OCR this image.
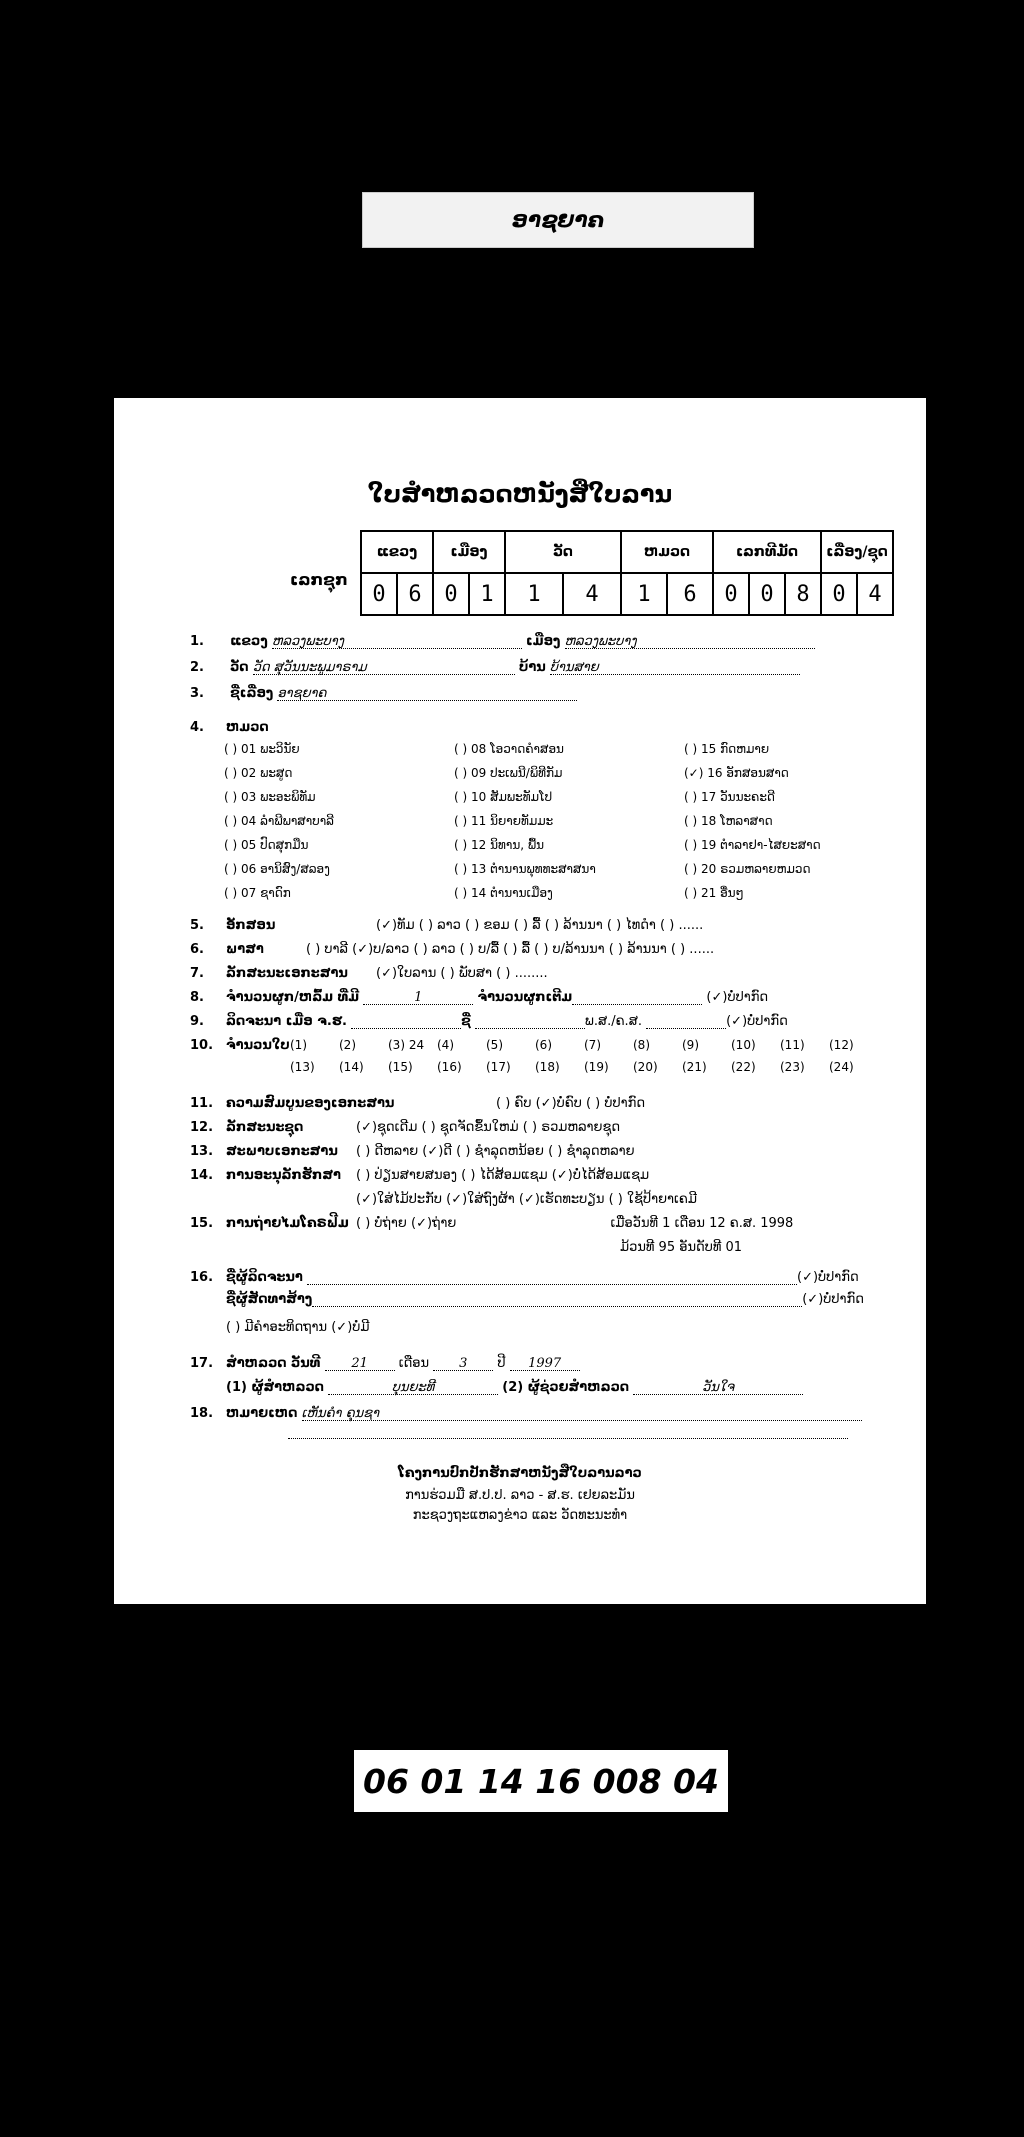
ອາຊຍາຄ
ໃບສຳຫລວດຫນັງສືໃບລານ
ເລກຊຸກ
ແຂວງ		ເມືອງ		ວັດ		ຫມວດ		ເລກທີມັດ			ເລື່ອງ/ຊຸດ	
0	6	0	1	1	4	1	6	0	0	8	0	4
1. ແຂວງ ຫລວງພະບາງ	ເມືອງ ຫລວງພະບາງ
2. ວັດ ວັດ ສຸວັນນະພູມາຣາມ	ບ້ານ ບ້ານສາຍ
3. ຊື່ເລື່ອງ ອາຊຍາຄ
4. ຫມວດ
( ) 01 ພະວິນັຍ
( ) 02 ພະສູດ
( ) 03 ພະອະພິທັມ
( ) 04 ລຳພີພາສາບາລີ
( ) 05 ປົດສຸກມືນ
( ) 06 ອານິສົງ/ສລອງ
( ) 07 ຊາດົກ
( ) 08 ໂອວາດຄຳສອນ
( ) 09 ປະເພນີ/ພິທີກັມ
( ) 10 ສັມພະທັມໂປ
( ) 11 ນິຍາຍທັມມະ
( ) 12 ນິທານ, ພື້ນ
( ) 13 ຕຳນານພຸທທະສາສນາ
( ) 14 ຕຳນານເມືອງ
( ) 15 ກົດຫມາຍ
(✓) 16 ອັກສອນສາດ
( ) 17 ວັນນະຄະດີ
( ) 18 ໂຫລາສາດ
( ) 19 ຕຳລາຢາ-ໄສຍະສາດ
( ) 20 ຣວມຫລາຍຫມວດ
( ) 21 ອື່ນໆ
5. ອັກສອນ	(✓)ທັມ ( ) ລາວ ( ) ຂອມ ( ) ລື້ ( ) ລ້ານນາ ( ) ໄທດຳ ( ) ......
6. ພາສາ	( ) ບາລີ (✓)ບ/ລາວ ( ) ລາວ ( ) ບ/ລື້ ( ) ລື້ ( ) ບ/ລ້ານນາ ( ) ລ້ານນາ ( ) ......
7. ລັກສະນະເອກະສານ (✓)ໃບລານ ( ) ພັບສາ ( ) ........
8. ຈຳນວນຜູກ/ຫລົ້ມ ທີ່ມີ	1	ຈຳນວນຜູກເຕີມ	(✓)ບໍ່ປາກົດ
9. ລິດຈະນາ ເມື່ອ ຈ.ຮ.	ຊື່	ພ.ສ./ຄ.ສ.	(✓)ບໍ່ປາກົດ
10. ຈຳນວນໃບ (1)	(2)	(3) 24 (4)	(5)	(6)	(7)	(8)	(9)	(10) (11) (12)
(13) (14) (15) (16) (17) (18) (19) (20) (21) (22) (23) (24)
11. ຄວາມສົມບູນຂອງເອກະສານ	( ) ຄົບ (✓)ບໍ່ຄົບ ( ) ບໍ່ປາກົດ
12. ລັກສະນະຊຸດ	(✓)ຊຸດເດີມ ( ) ຊຸດຈັດຂຶ້ນໃຫມ່ ( ) ຣວມຫລາຍຊຸດ
13. ສະພາບເອກະສານ ( ) ດີຫລາຍ (✓)ດີ ( ) ຊຳລຸດຫນ້ອຍ ( ) ຊຳລຸດຫລາຍ
14. ການອະນຸລັກຮັກສາ ( ) ປ່ຽນສາຍສນອງ ( ) ໄດ້ສ້ອມແຊມ (✓)ບໍ່ໄດ້ສ້ອມແຊມ
(✓)ໃສ່ໄມ້ປະກັບ (✓)ໃສ່ຖົງຜ້າ (✓)ເຮັດທະບຽນ ( ) ໃຊ້ປ້າຍາເຄມີ
15. ການຖ່າຍໄມໂຄຣຟີມ ( ) ບໍ່ຖ່າຍ (✓)ຖ່າຍ	ເມື່ອວັນທີ 1 ເດືອນ 12 ຄ.ສ. 1998
ມ້ວນທີ 95 ອັນດັບທີ 01
16. ຊື່ຜູ້ລິດຈະນາ	(✓)ບໍ່ປາກົດ
ຊື່ຜູ້ສັດທາສ້າງ	(✓)ບໍ່ປາກົດ
( ) ມີຄຳອະທິດຖານ (✓)ບໍ່ມີ
17. ສຳຫລວດ ວັນທີ 21 ເດືອນ 3 ປີ 1997
(1) ຜູ້ສຳຫລວດ	ບຸນຍະທີ	(2) ຜູ້ຊ່ວຍສຳຫລວດ	ວັນໃຈ
18. ຫມາຍເຫດ ເຫັນຄຳ ຄຸນຊາ
ໂຄງການປົກປັກຮັກສາຫນັງສືໃບລານລາວ
ການຮ່ວມມື ສ.ປ.ປ. ລາວ - ສ.ຮ. ເຢຍລະມັນ
ກະຊວງຖະແຫລງຂ່າວ ແລະ ວັດທະນະທຳ
06 01 14 16 008 04
